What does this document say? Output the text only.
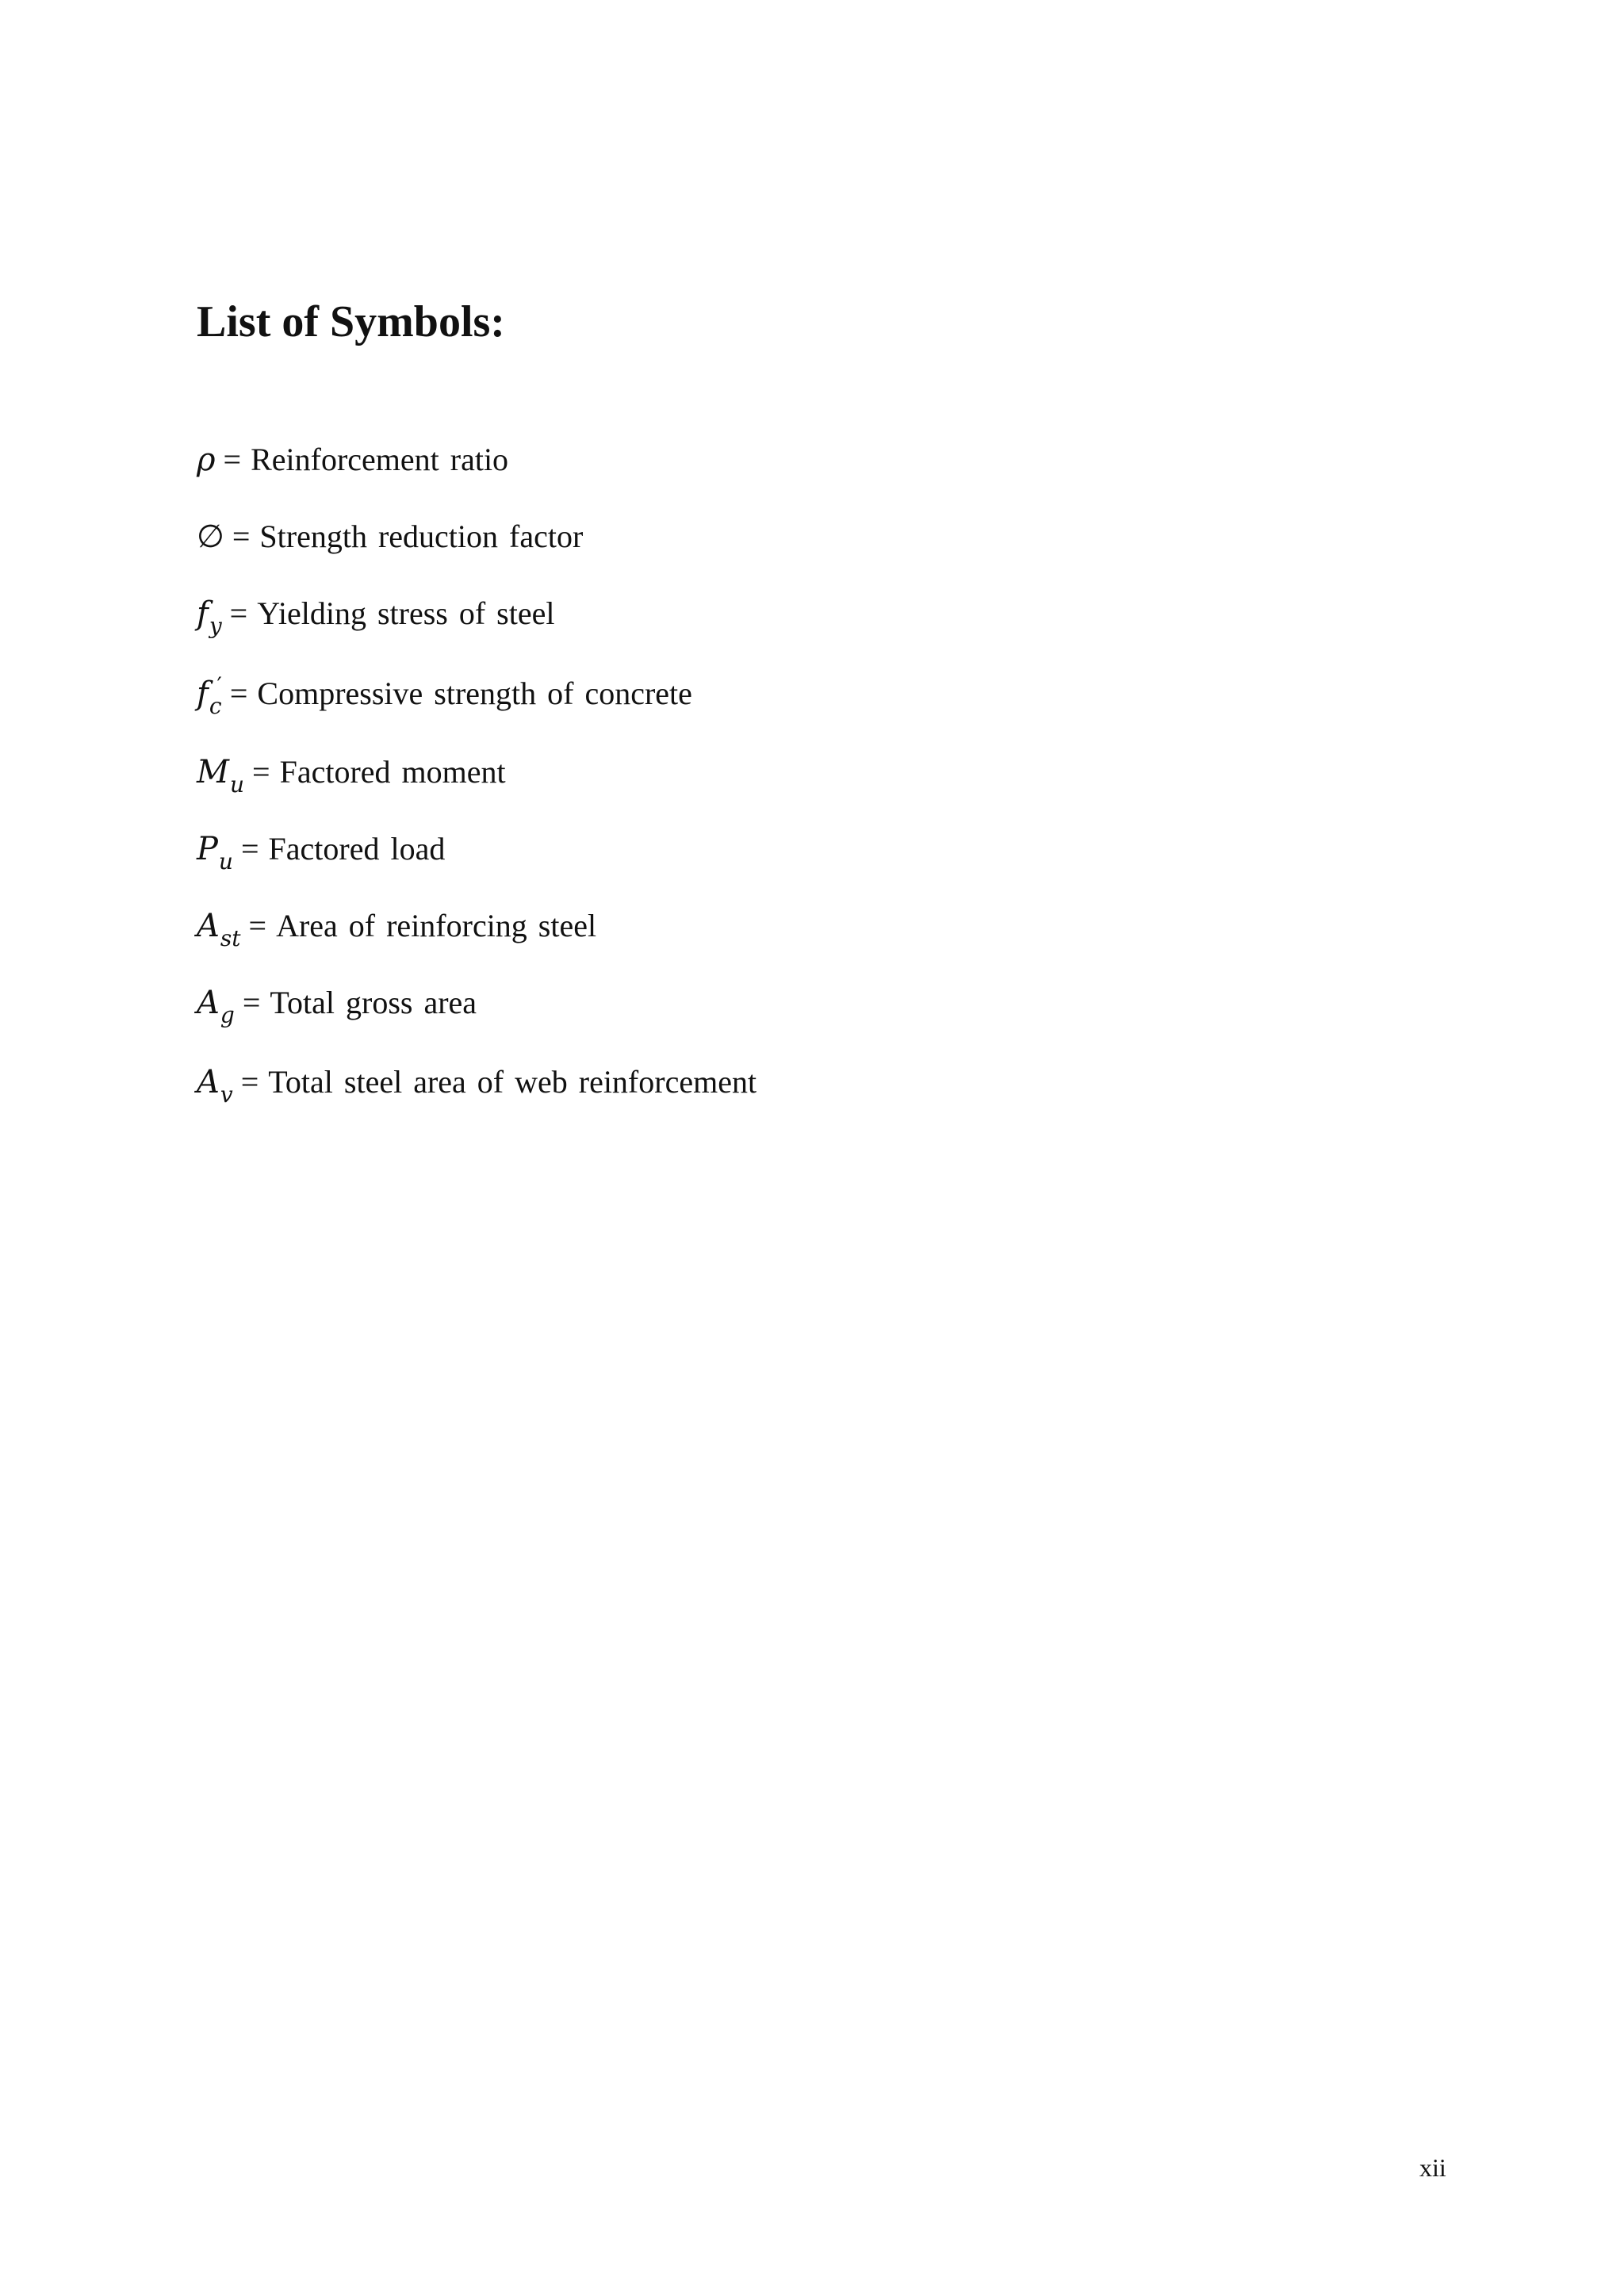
List of Symbols:
ρ = Reinforcement ratio
∅ = Strength reduction factor
f y = Yielding stress of steel
f c
′ = Compressive strength of concrete
M u = Factored moment
P u = Factored load
A st = Area of reinforcing steel
A g = Total gross area
A v = Total steel area of web reinforcement
xii
